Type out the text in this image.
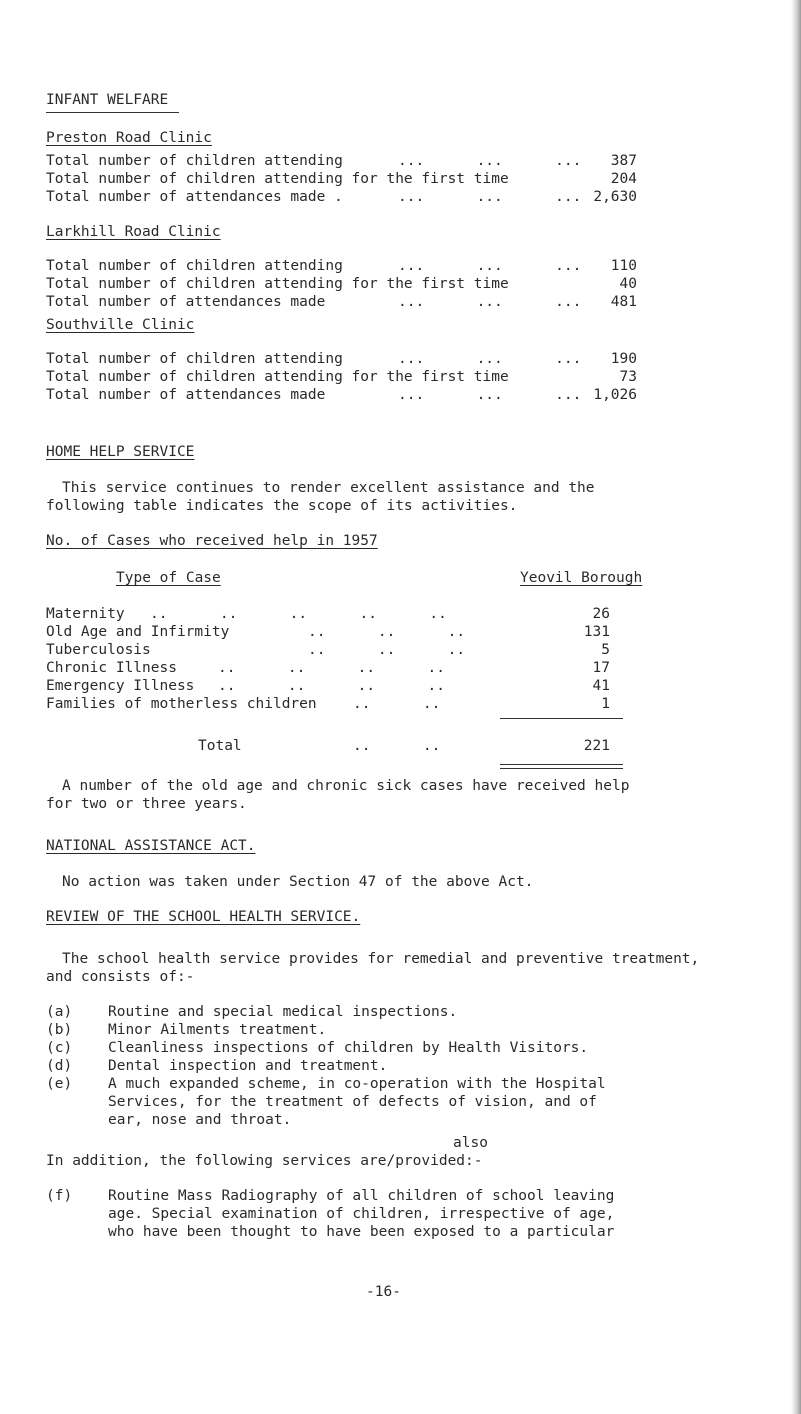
INFANT WELFARE
Preston Road Clinic
Total number of children attending	...      ...      ...	387
Total number of children attending for the first time	204
Total number of attendances made .	...      ...      ... 2,630
Larkhill Road Clinic
Total number of children attending	...      ...      ...	110
Total number of children attending for the first time	40
Total number of attendances made	...      ...      ...	481
Southville Clinic
Total number of children attending	...      ...      ...	190
Total number of children attending for the first time	73
Total number of attendances made	...      ...      ... 1,026
HOME HELP SERVICE
This service continues to render excellent assistance and the
following table indicates the scope of its activities.
No. of Cases who received help in 1957
Type of Case	Yeovil Borough
Maternity ..      ..      ..      ..      ..	26
Old Age and Infirmity	..      ..      ..	131
Tuberculosis	..      ..      ..	5
Chronic Illness	..      ..      ..      ..	17
Emergency Illness ..      ..      ..      ..	41
Families of motherless children	..      ..	1
Total	..      ..	221
A number of the old age and chronic sick cases have received help
for two or three years.
NATIONAL ASSISTANCE ACT.
No action was taken under Section 47 of the above Act.
REVIEW OF THE SCHOOL HEALTH SERVICE.
The school health service provides for remedial and preventive treatment,
and consists of:-
(a) Routine and special medical inspections.
(b) Minor Ailments treatment.
(c) Cleanliness inspections of children by Health Visitors.
(d) Dental inspection and treatment.
(e) A much expanded scheme, in co-operation with the Hospital
Services, for the treatment of defects of vision, and of
ear, nose and throat.
also
In addition, the following services are/provided:-
(f) Routine Mass Radiography of all children of school leaving
age. Special examination of children, irrespective of age,
who have been thought to have been exposed to a particular
-16-
